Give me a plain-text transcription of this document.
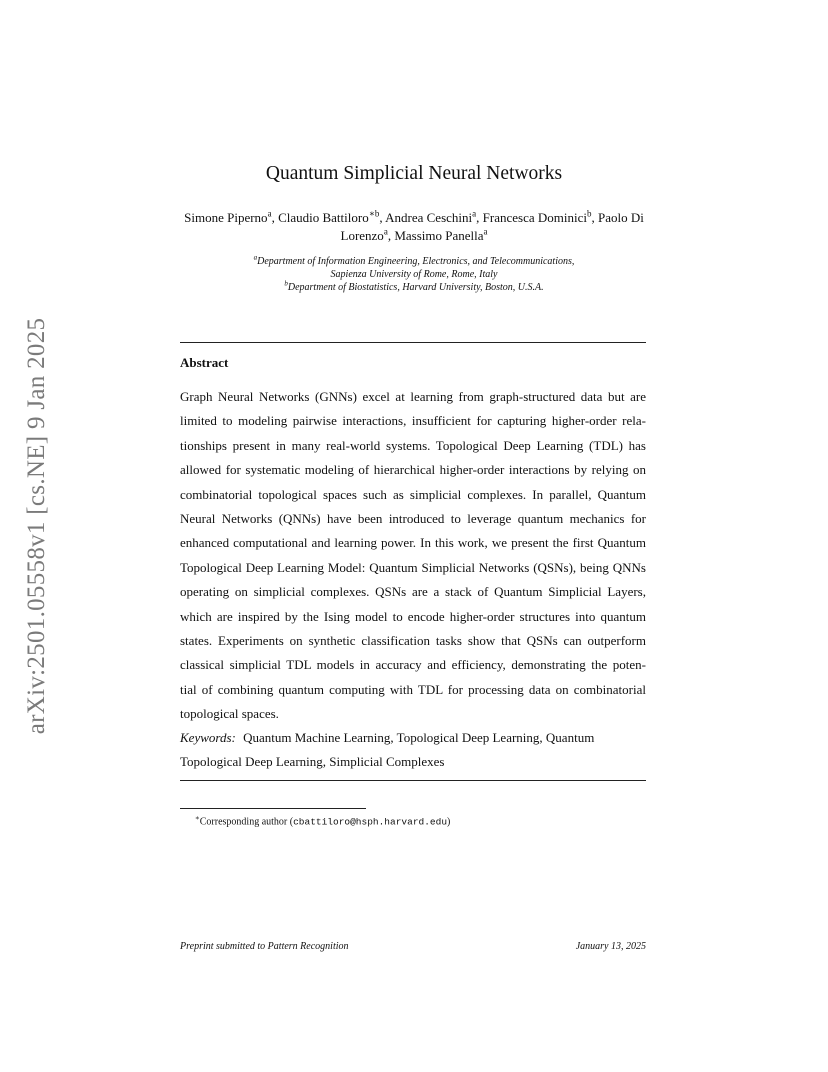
arXiv:2501.05558v1 [cs.NE] 9 Jan 2025
Quantum Simplicial Neural Networks
Simone Piperno$^a$, Claudio Battiloro$^{∗b}$, Andrea Ceschini$^a$, Francesca Dominici$^b$, Paolo Di Lorenzo$^a$, Massimo Panella$^a$
$^a$Department of Information Engineering, Electronics, and Telecommunications,
Sapienza University of Rome, Rome, Italy
$^b$Department of Biostatistics, Harvard University, Boston, U.S.A.
Abstract
Graph Neural Networks (GNNs) excel at learning from graph-structured data but are
limited to modeling pairwise interactions, insufficient for capturing higher-order rela-
tionships present in many real-world systems. Topological Deep Learning (TDL) has
allowed for systematic modeling of hierarchical higher-order interactions by relying on
combinatorial topological spaces such as simplicial complexes. In parallel, Quantum
Neural Networks (QNNs) have been introduced to leverage quantum mechanics for
enhanced computational and learning power. In this work, we present the first Quantum
Topological Deep Learning Model: Quantum Simplicial Networks (QSNs), being QNNs
operating on simplicial complexes. QSNs are a stack of Quantum Simplicial Layers,
which are inspired by the Ising model to encode higher-order structures into quantum
states. Experiments on synthetic classification tasks show that QSNs can outperform
classical simplicial TDL models in accuracy and efficiency, demonstrating the poten-
tial of combining quantum computing with TDL for processing data on combinatorial
topological spaces.
Keywords: Quantum Machine Learning, Topological Deep Learning, Quantum
Topological Deep Learning, Simplicial Complexes
∗Corresponding author (cbattiloro@hsph.harvard.edu)
Preprint submitted to Pattern Recognition	January 13, 2025
